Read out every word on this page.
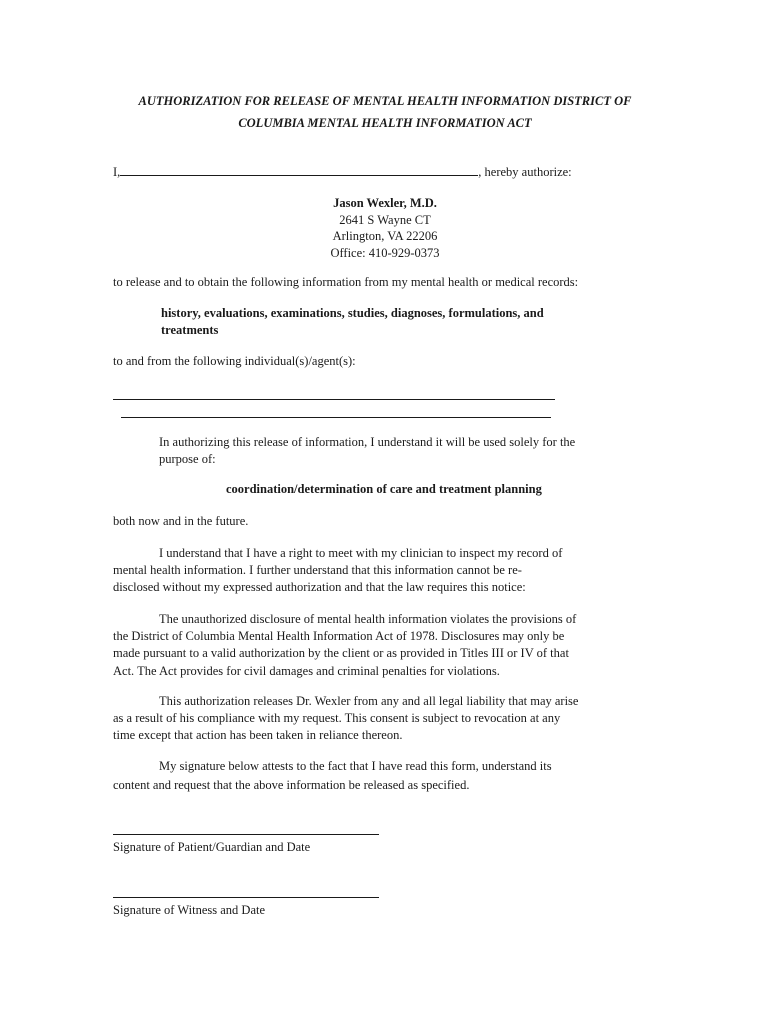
AUTHORIZATION FOR RELEASE OF MENTAL HEALTH INFORMATION DISTRICT OF
COLUMBIA MENTAL HEALTH INFORMATION ACT
I,	, hereby authorize:
Jason Wexler, M.D.
2641 S Wayne CT
Arlington, VA 22206
Office: 410-929-0373
to release and to obtain the following information from my mental health or medical records:
history, evaluations, examinations, studies, diagnoses, formulations, and
treatments
to and from the following individual(s)/agent(s):
In authorizing this release of information, I understand it will be used solely for the
purpose of:
coordination/determination of care and treatment planning
both now and in the future.
I understand that I have a right to meet with my clinician to inspect my record of
mental health information. I further understand that this information cannot be re-
disclosed without my expressed authorization and that the law requires this notice:
The unauthorized disclosure of mental health information violates the provisions of
the District of Columbia Mental Health Information Act of 1978. Disclosures may only be
made pursuant to a valid authorization by the client or as provided in Titles III or IV of that
Act. The Act provides for civil damages and criminal penalties for violations.
This authorization releases Dr. Wexler from any and all legal liability that may arise
as a result of his compliance with my request. This consent is subject to revocation at any
time except that action has been taken in reliance thereon.
My signature below attests to the fact that I have read this form, understand its
content and request that the above information be released as specified.
Signature of Patient/Guardian and Date
Signature of Witness and Date
